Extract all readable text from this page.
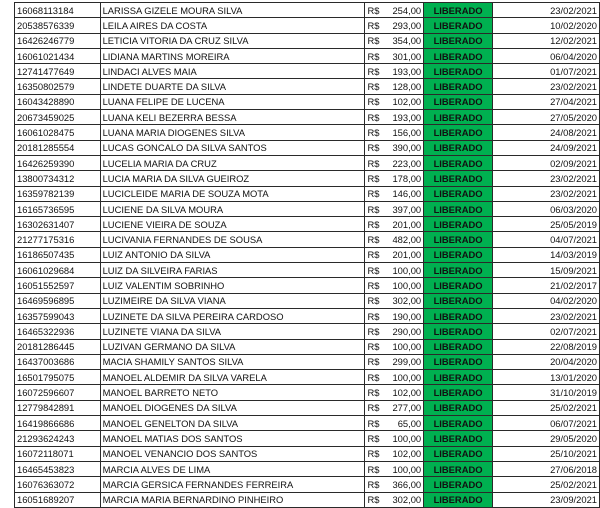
16068113184	LARISSA GIZELE MOURA SILVA	R$	254,00	LIBERADO	23/02/2021
20538576339	LEILA AIRES DA COSTA	R$	293,00	LIBERADO	10/02/2020
16426246779	LETICIA VITORIA DA CRUZ SILVA	R$	354,00	LIBERADO	12/02/2021
16061021434	LIDIANA MARTINS MOREIRA	R$	301,00	LIBERADO	06/04/2020
12741477649	LINDACI ALVES MAIA	R$	193,00	LIBERADO	01/07/2021
16350802579	LINDETE DUARTE DA SILVA	R$	128,00	LIBERADO	23/02/2021
16043428890	LUANA FELIPE DE LUCENA	R$	102,00	LIBERADO	27/04/2021
20673459025	LUANA KELI BEZERRA BESSA	R$	193,00	LIBERADO	27/05/2020
16061028475	LUANA MARIA DIOGENES SILVA	R$	156,00	LIBERADO	24/08/2021
20181285554	LUCAS GONCALO DA SILVA SANTOS	R$	390,00	LIBERADO	24/09/2021
16426259390	LUCELIA MARIA DA CRUZ	R$	223,00	LIBERADO	02/09/2021
13800734312	LUCIA MARIA DA SILVA GUEIROZ	R$	178,00	LIBERADO	23/02/2021
16359782139	LUCICLEIDE MARIA DE SOUZA MOTA	R$	146,00	LIBERADO	23/02/2021
16165736595	LUCIENE DA SILVA MOURA	R$	397,00	LIBERADO	06/03/2020
16302631407	LUCIENE VIEIRA DE SOUZA	R$	201,00	LIBERADO	25/05/2019
21277175316	LUCIVANIA FERNANDES DE SOUSA	R$	482,00	LIBERADO	04/07/2021
16186507435	LUIZ ANTONIO DA SILVA	R$	201,00	LIBERADO	14/03/2019
16061029684	LUIZ DA SILVEIRA FARIAS	R$	100,00	LIBERADO	15/09/2021
16051552597	LUIZ VALENTIM SOBRINHO	R$	100,00	LIBERADO	21/02/2017
16469596895	LUZIMEIRE DA SILVA VIANA	R$	302,00	LIBERADO	04/02/2020
16357599043	LUZINETE DA SILVA PEREIRA CARDOSO	R$	190,00	LIBERADO	23/02/2021
16465322936	LUZINETE VIANA DA SILVA	R$	290,00	LIBERADO	02/07/2021
20181286445	LUZIVAN GERMANO DA SILVA	R$	100,00	LIBERADO	22/08/2019
16437003686	MACIA SHAMILY SANTOS SILVA	R$	299,00	LIBERADO	20/04/2020
16501795075	MANOEL ALDEMIR DA SILVA VARELA	R$	100,00	LIBERADO	13/01/2020
16072596607	MANOEL BARRETO NETO	R$	102,00	LIBERADO	31/10/2019
12779842891	MANOEL DIOGENES DA SILVA	R$	277,00	LIBERADO	25/02/2021
16419866686	MANOEL GENELTON DA SILVA	R$	65,00	LIBERADO	06/07/2021
21293624243	MANOEL MATIAS DOS SANTOS	R$	100,00	LIBERADO	29/05/2020
16072118071	MANOEL VENANCIO DOS SANTOS	R$	102,00	LIBERADO	25/10/2021
16465453823	MARCIA ALVES DE LIMA	R$	100,00	LIBERADO	27/06/2018
16076363072	MARCIA GERSICA FERNANDES FERREIRA	R$	366,00	LIBERADO	25/02/2021
16051689207	MARCIA MARIA BERNARDINO PINHEIRO	R$	302,00	LIBERADO	23/09/2021
